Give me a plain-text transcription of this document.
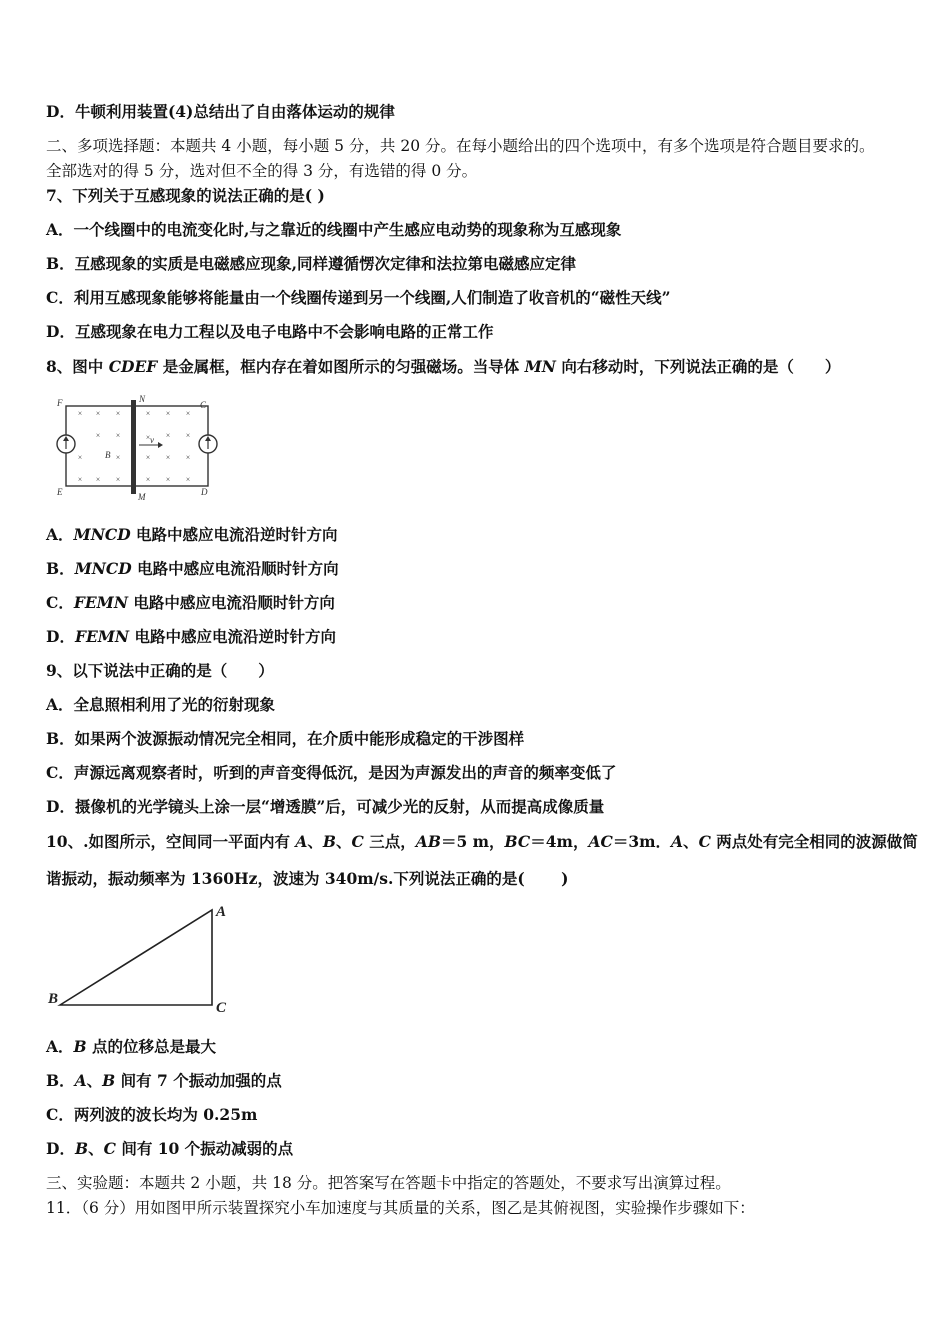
D．牛顿利用装置(4)总结出了自由落体运动的规律
二、多项选择题：本题共 4 小题，每小题 5 分，共 20 分。在每小题给出的四个选项中，有多个选项是符合题目要求的。
全部选对的得 5 分，选对但不全的得 3 分，有选错的得 0 分。
7、下列关于互感现象的说法正确的是( )
A．一个线圈中的电流变化时,与之靠近的线圈中产生感应电动势的现象称为互感现象
B．互感现象的实质是电磁感应现象,同样遵循愣次定律和法拉第电磁感应定律
C．利用互感现象能够将能量由一个线圈传递到另一个线圈,人们制造了收音机的“磁性天线”
D．互感现象在电力工程以及电子电路中不会影响电路的正常工作
8、图中 CDEF 是金属框，框内存在着如图所示的匀强磁场。当导体 MN 向右移动时，下列说法正确的是（　　）
F	N
C
E	M	D
B
v
× × ×	× × ×
× ×	× × ×
×	×	× × ×
× × ×	× × ×
A．MNCD 电路中感应电流沿逆时针方向
B．MNCD 电路中感应电流沿顺时针方向
C．FEMN 电路中感应电流沿顺时针方向
D．FEMN 电路中感应电流沿逆时针方向
9、以下说法中正确的是（　　）
A．全息照相利用了光的衍射现象
B．如果两个波源振动情况完全相同，在介质中能形成稳定的干涉图样
C．声源远离观察者时，听到的声音变得低沉，是因为声源发出的声音的频率变低了
D．摄像机的光学镜头上涂一层“增透膜”后，可减少光的反射，从而提高成像质量
10、.如图所示，空间同一平面内有 A、B、C 三点，AB＝5 m，BC＝4m，AC＝3m．A、C 两点处有完全相同的波源做简
谐振动，振动频率为 1360Hz，波速为 340m/s.下列说法正确的是(　　 )
A
B
C
A．B 点的位移总是最大
B．A、B 间有 7 个振动加强的点
C．两列波的波长均为 0.25m
D．B、C 间有 10 个振动减弱的点
三、实验题：本题共 2 小题，共 18 分。把答案写在答题卡中指定的答题处，不要求写出演算过程。
11．（6 分）用如图甲所示装置探究小车加速度与其质量的关系，图乙是其俯视图，实验操作步骤如下：
